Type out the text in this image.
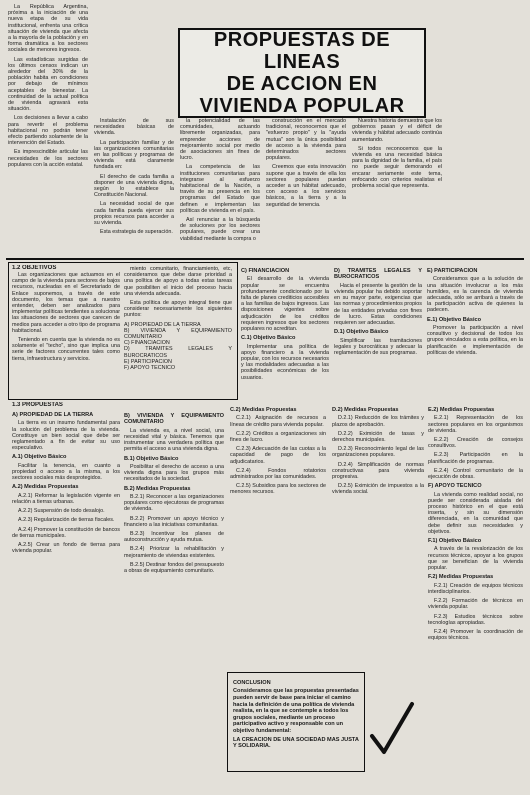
La República Argentina, próxima a la iniciación de una nueva etapa de su vida institucional, enfrenta una crítica situación de vivienda que afecta a la mayoría de la población y en forma dramática a los sectores sociales de menores ingresos.

Las estadísticas surgidas de los últimos censos indican un alrededor del 30% de la población habita en condiciones por debajo de mínimos aceptables de bienestar. La continuidad de la actual política de vivienda agravará esta situación.

Los decisiones a llevar a cabo para revertir el problema habitacional no podrán tener efecto partiendo solamente de la intervención del Estado.

Es imprescindible articular las necesidades de los sectores populares con la acción estatal.

PROPUESTAS DE LINEAS
DE ACCION EN
VIVIENDA POPULAR

Instalación de sus necesidades básicas de vivienda.

La participación familiar y de las organizaciones comunitarias en las políticas y programas de vivienda está claramente fundada en:

El derecho de cada familia a disponer de una vivienda digna, según lo establece la Constitución Nacional.

La necesidad social de que cada familia pueda ejercer sus propios recursos para acceder a su vivienda.

Esta estrategia de superación.

la potencialidad de las comunidades, actuando libremente organizadas, para emprender acciones de mejoramiento social por medio de asociaciones sin fines de lucro.

La competencia de las instituciones comunitarias para integrarse al esfuerzo habitacional de la Nación, a través de su presencia en los programas del Estado que definen e implementan las políticas de vivienda en el país.

Así renunciar a la búsqueda de soluciones por los sectores populares, puede crear una viabilidad mediante la compra o

construcción en el mercado tradicional, reconocemos que el "esfuerzo propio" y la "ayuda mutua" son la única posibilidad de acceso a la vivienda para determinados sectores populares.

Creemos que esta innovación supone que a través de ella los sectores populares puedan acceder a un hábitat adecuado, con acceso a los servicios básicos, a la tierra y a la seguridad de tenencia.

Nuestra historia demuestra que los gobiernos pasan y el déficit de vivienda y hábitat adecuado continúa aumentando.

Si todos reconocemos que la vivienda es una necesidad básica para la dignidad de la familia, el país no puede seguir demorando el encarar seriamente este tema, enfocando con criterios realistas el problema social que representa.

1.2 OBJETIVOS

Las organizaciones que actuamos en el campo de la vivienda para sectores de bajos recursos, nucleadas en el Secretariado de Enlace suponemos, a través de este documento, los temas que a nuestro entender, deben ser analizados para implementar políticas tendientes a solucionar las situaciones de sectores que carecen de medios para acceder a otro tipo de programa habitacional.

Teniendo en cuenta que la vivienda no es solamente el "techo", sino que implica una serie de factores concurrentes tales como tierra, infraestructura y servicios.

miento comunitario, financiamiento, etc, consideramos que debe darse prioridad a una política de apoyo a todas estas tareas que posibiliten el inicio del proceso hacia una vivienda adecuada.

Esta política de apoyo integral tiene que considerar necesariamente los siguientes puntos:

A) PROPIEDAD DE LA TIERRA
B) VIVIENDA Y EQUIPAMIENTO COMUNITARIO
C) FINANCIACION
D) TRAMITES LEGALES Y BUROCRATICOS
E) PARTICIPACION
F) APOYO TECNICO
C) FINANCIACION

El desarrollo de la vivienda popular se encuentra profundamente condicionado por la falta de planes crediticios accesibles a las familias de bajos ingresos. Las disposiciones vigentes sobre adjudicación de los créditos requieren ingresos que los sectores populares no acreditan.

C.1) Objetivo Básico

Implementar una política de apoyo financiero a la vivienda popular, con los recursos necesarios y las modalidades adecuadas a las posibilidades económicas de los usuarios.

D) TRAMITES LEGALES Y BUROCRATICOS

Hacia el presente la gestión de la vivienda popular ha debido soportar en su mayor parte, exigencias que las normas y procedimientos propios de las entidades privadas con fines de lucro. Estas condiciones requieren ser adecuadas.

D.1) Objetivo Básico

Simplificar las tramitaciones legales y burocráticas y adecuar la reglamentación de sus programas.

E) PARTICIPACION

Consideramos que a la solución de una situación involucrar a los más humildes, es la carencia de vivienda adecuada, sólo se arribará a través de la participación activa de quienes la padecen.

E.1) Objetivo Básico

Promover la participación a nivel consultivo y decisional de todos los grupos vinculados a esta política, en la planificación e implementación de políticas de vivienda.

1.3 PROPUESTAS
A) PROPIEDAD DE LA TIERRA

La tierra es un insumo fundamental para la solución del problema de la vivienda. Constituye un bien social que debe ser reglamentado a fin de evitar su uso especulativo.

A.1) Objetivo Básico

Facilitar la tenencia, en cuanto a propiedad o acceso a la misma, a los sectores sociales más desprotegidos.

A.2) Medidas Propuestas

A.2.1) Reformar la legislación vigente en relación a tierras urbanas.

A.2.2) Suspensión de todo desalojo.

A.2.3) Regularización de tierras fiscales.

A.2.4) Promover la constitución de bancos de tierras municipales.

A.2.5) Crear un fondo de tierras para vivienda popular.

B) VIVIENDA Y EQUIPAMIENTO COMUNITARIO

La vivienda es, a nivel social, una necesidad vital y básica. Tenemos que instrumentar una verdadera política que permita el acceso a una vivienda digna.

B.1) Objetivo Básico

Posibilitar el derecho de acceso a una vivienda digna para los grupos más necesitados de la sociedad.

B.2) Medidas Propuestas

B.2.1) Reconocer a las organizaciones populares como ejecutoras de programas de vivienda.

B.2.2) Promover un apoyo técnico y financiero a las iniciativas comunitarias.

B.2.3) Incentivar los planes de autoconstrucción y ayuda mutua.

B.2.4) Priorizar la rehabilitación y mejoramiento de viviendas existentes.

B.2.5) Destinar fondos del presupuesto a obras de equipamiento comunitario.

C.2) Medidas Propuestas

C.2.1) Asignación de recursos a líneas de crédito para vivienda popular.

C.2.2) Créditos a organizaciones sin fines de lucro.

C.2.3) Adecuación de las cuotas a la capacidad de pago de los adjudicatarios.

C.2.4) Fondos rotatorios administrados por las comunidades.

C.2.5) Subsidios para los sectores de menores recursos.

D.2) Medidas Propuestas

D.2.1) Reducción de los trámites y plazos de aprobación.

D.2.2) Eximición de tasas y derechos municipales.

D.2.3) Reconocimiento legal de las organizaciones populares.

D.2.4) Simplificación de normas constructivas para vivienda progresiva.

D.2.5) Eximición de impuestos a la vivienda social.

E.2) Medidas Propuestas

E.2.1) Representación de los sectores populares en los organismos de vivienda.

E.2.2) Creación de consejos consultivos.

E.2.3) Participación en la planificación de programas.

E.2.4) Control comunitario de la ejecución de obras.

F) APOYO TECNICO

La vivienda como realidad social, no puede ser considerada aislada del proceso histórico en el que está inserta, y sin su dimensión diferenciada, en la comunidad que debe definir sus necesidades y objetivos.

F.1) Objetivo Básico

A través de la revalorización de los recursos técnicos, apoyar a los grupos que se benefician de la vivienda popular.

F.2) Medidas Propuestas

F.2.1) Creación de equipos técnicos interdisciplinarios.

F.2.2) Formación de técnicos en vivienda popular.

F.2.3) Estudios técnicos sobre tecnologías apropiadas.

F.2.4) Promover la coordinación de equipos técnicos.

CONCLUSION
Consideramos que las propuestas presentadas pueden servir de base para iniciar el camino hacia la definición de una política de vivienda realista, en la que se contemple a todos los grupos sociales, mediante un proceso participativo activo y responsable con un objetivo fundamental:
LA CREACION DE UNA SOCIEDAD MAS JUSTA Y SOLIDARIA.
